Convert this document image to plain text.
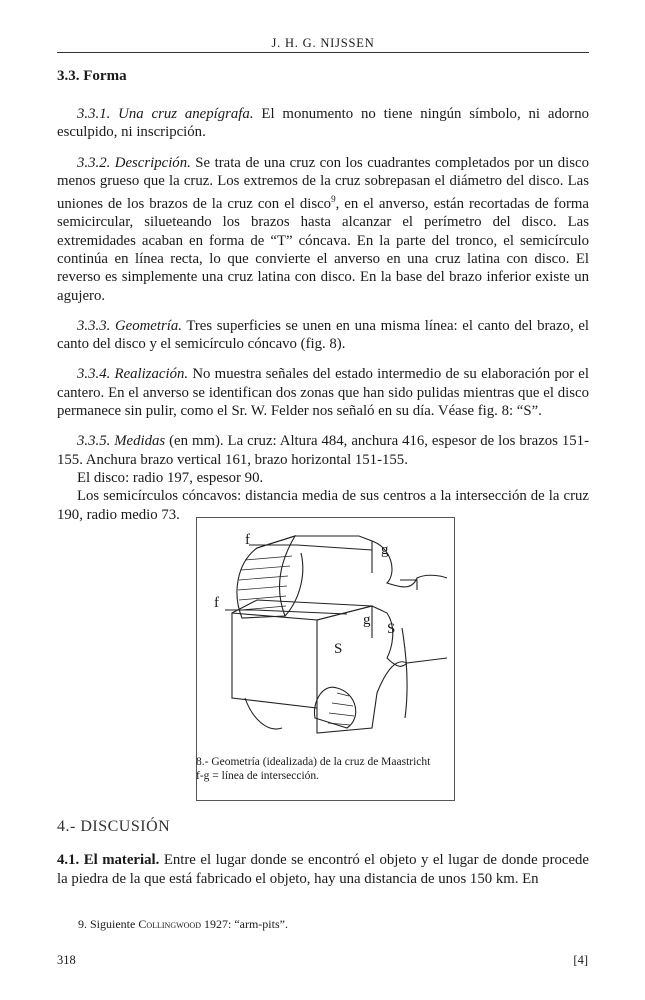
J. H. G. NIJSSEN
3.3. Forma

3.3.1. Una cruz anepígrafa. El monumento no tiene ningún símbolo, ni adorno esculpido, ni inscripción.

3.3.2. Descripción. Se trata de una cruz con los cuadrantes completados por un disco menos grueso que la cruz. Los extremos de la cruz sobrepasan el diámetro del disco. Las uniones de los brazos de la cruz con el disco$^9$, en el anverso, están recortadas de forma semicircular, silueteando los brazos hasta alcanzar el perímetro del disco. Las extremidades acaban en forma de “T” cóncava. En la parte del tronco, el semicírculo continúa en línea recta, lo que convierte el anverso en una cruz latina con disco. El reverso es simplemente una cruz latina con disco. En la base del brazo inferior existe un agujero.

3.3.3. Geometría. Tres superficies se unen en una misma línea: el canto del brazo, el canto del disco y el semicírculo cóncavo (fig. 8).

3.3.4. Realización. No muestra señales del estado intermedio de su elaboración por el cantero. En el anverso se identifican dos zonas que han sido pulidas mientras que el disco permanece sin pulir, como el Sr. W. Felder nos señaló en su día. Véase fig. 8: “S”.

3.3.5. Medidas (en mm). La cruz: Altura 484, anchura 416, espesor de los brazos 151-155. Anchura brazo vertical 161, brazo horizontal 151-155.

El disco: radio 197, espesor 90.

Los semicírculos cóncavos: distancia media de sus centros a la intersección de la cruz 190, radio medio 73.

f
g
f
g
S
S
8.- Geometría (idealizada) de la cruz de Maastricht
f-g = línea de intersección.
4.- DISCUSIÓN
4.1. El material. Entre el lugar donde se encontró el objeto y el lugar de donde procede la piedra de la que está fabricado el objeto, hay una distancia de unos 150 km. En
9. Siguiente Collingwood 1927: “arm-pits”.
318	[4]
